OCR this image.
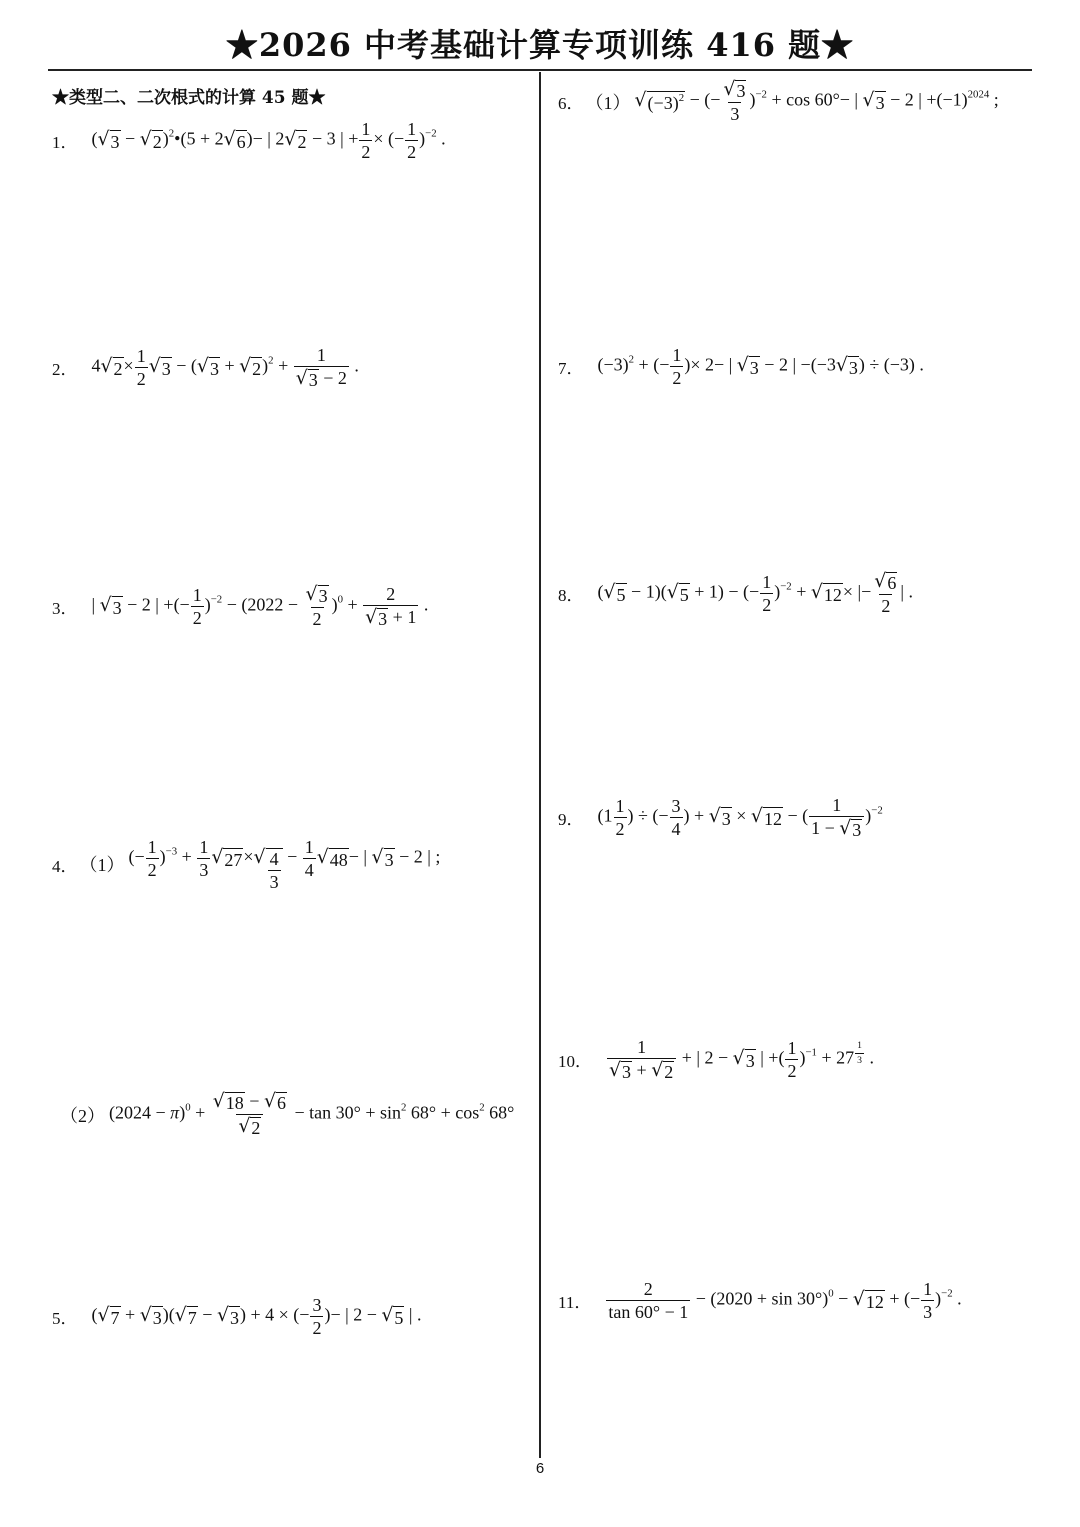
★2026 中考基础计算专项训练 416 题★
★类型二、二次根式的计算 45 题★
1． ( √ 3 − √ 2 )$^2$•(5 + 2 √ 6 )− | 2 √ 2 − 3 | + $\frac{1}{2}$ × (− $\frac{1}{2} )^{-2}$ .
2． 4 √ $2 \times \frac{1}{2}$ √ 3 − ( √ 3 + √ 2 )$^2 + \frac{1}{√ 3 - 2}$ .
3． | √ 3 − 2 | +(− $\frac{1}{2} )^{-2} - (2022 - \frac{√ 3}{2} )^0 + \frac{2}{√ 3 + 1}$ .
4． （1） (− $\frac{1}{2} )^{-3} + \frac{1}{3}$ √ 27 × √ $\frac{4}{3} - \frac{1}{4}$ √ 48 − | √ 3 − 2 | ;
（2） $(2024 - \pi)^0 + \frac{√ 18 - √ 6}{√ 2} - \tan 30^\circ + \sin^2 68^\circ + \cos^2 68^\circ$
5． ( √ 7 + √ 3 )( √ 7 − √ 3 ) + 4 × (− $\frac{3}{2}$ )− | 2 − √ 5 | .
6． （1） √ $(-3)^2$ − (− $\frac{√ 3}{3} )^{-2} + \cos 60^\circ-$ | √ 3 − 2 | $+(-1)^{2024}$ ;
7． $(-3)^2$ + (− $\frac{1}{2}$ )× 2− | √ 3 − 2 | −(−3 √ 3 ) ÷ (−3) .
8． ( √ 5 − 1)( √ 5 + 1) − (− $\frac{1}{2} )^{-2}$ + √ 12 × |− $\frac{√ 6}{2}$ | .
9． ($1 \frac{1}{2}$ ) ÷ (− $\frac{3}{4}$ ) + √ 3 × √ 12 − ( $\frac{1}{1 - √ 3} )^{-2}$
10． $\frac{1}{√ 3 + √ 2}$ + | 2 − √ 3 | +( $\frac{1}{2} )^{-1} + 27$ $^{\frac{1}{3}}$ .
11． $\frac{2}{\tan 60^\circ - 1} - (2020 + \sin 30^\circ)^0$ − √ 12 + (− $\frac{1}{3} )^{-2}$ .
6
